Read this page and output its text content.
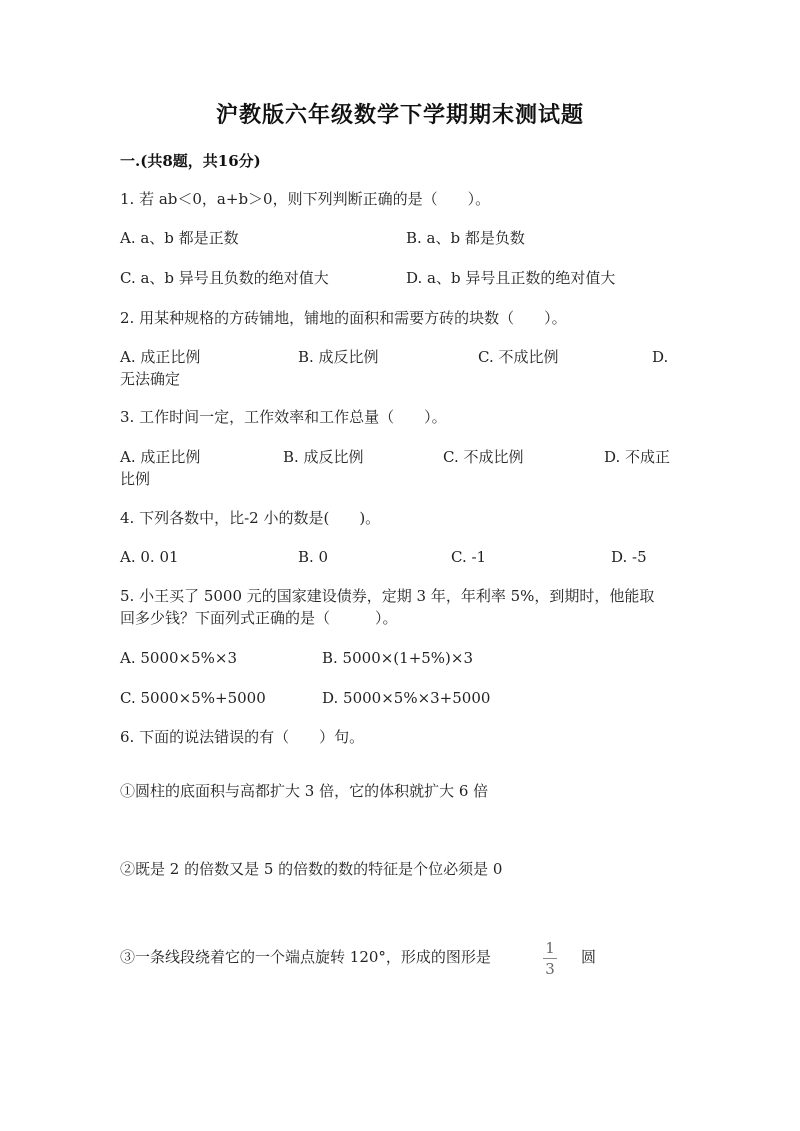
沪教版六年级数学下学期期末测试题
一.(共8题，共16分)
1. 若 ab＜0，a+b＞0，则下列判断正确的是（　　）。
A. a、b 都是正数	B. a、b 都是负数
C. a、b 异号且负数的绝对值大	D. a、b 异号且正数的绝对值大
2. 用某种规格的方砖铺地，铺地的面积和需要方砖的块数（　　）。
A. 成正比例	B. 成反比例	C. 不成比例	D.
无法确定
3. 工作时间一定，工作效率和工作总量（　　）。
A. 成正比例	B. 成反比例	C. 不成比例	D. 不成正
比例
4. 下列各数中，比-2 小的数是(　　)。
A. 0. 01	B. 0	C. -1	D. -5
5. 小王买了 5000 元的国家建设债券，定期 3 年，年利率 5%，到期时，他能取
回多少钱？下面列式正确的是（　　　）。
A. 5000×5%×3	B. 5000×(1+5%)×3
C. 5000×5%+5000	D. 5000×5%×3+5000
6. 下面的说法错误的有（　　）句。
①圆柱的底面积与高都扩大 3 倍，它的体积就扩大 6 倍
②既是 2 的倍数又是 5 的倍数的数的特征是个位必须是 0
③一条线段绕着它的一个端点旋转 120°，形成的图形是	1
3
圆
